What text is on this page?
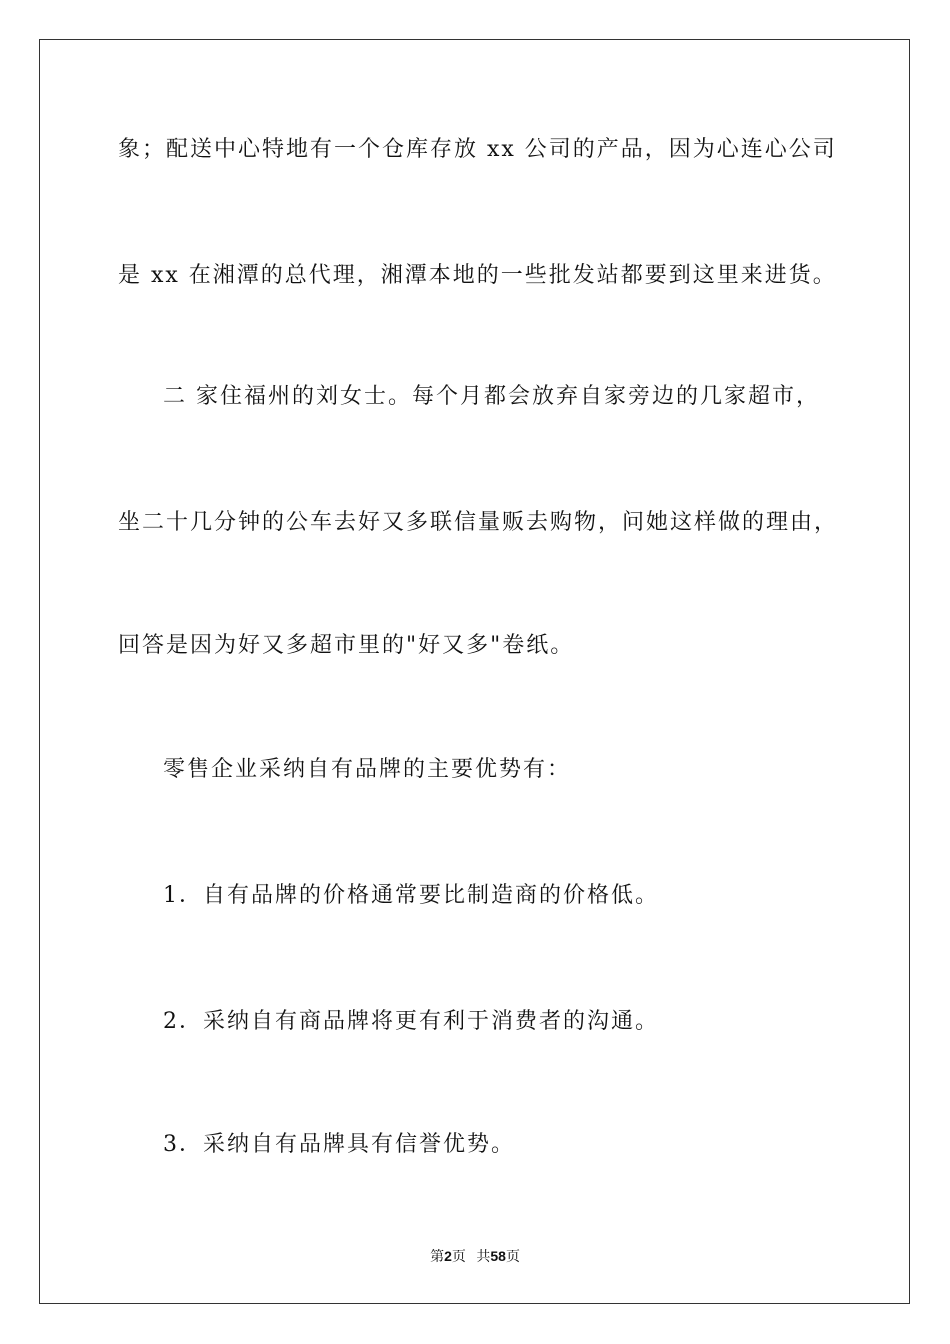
象；配送中心特地有一个仓库存放 xx 公司的产品，因为心连心公司

是 xx 在湘潭的总代理，湘潭本地的一些批发站都要到这里来进货。

二 家住福州的刘女士。每个月都会放弃自家旁边的几家超市，

坐二十几分钟的公车去好又多联信量贩去购物，问她这样做的理由，

回答是因为好又多超市里的"好又多"卷纸。

零售企业采纳自有品牌的主要优势有：

1．自有品牌的价格通常要比制造商的价格低。

2．采纳自有商品牌将更有利于消费者的沟通。

3．采纳自有品牌具有信誉优势。

第2页 共58页
